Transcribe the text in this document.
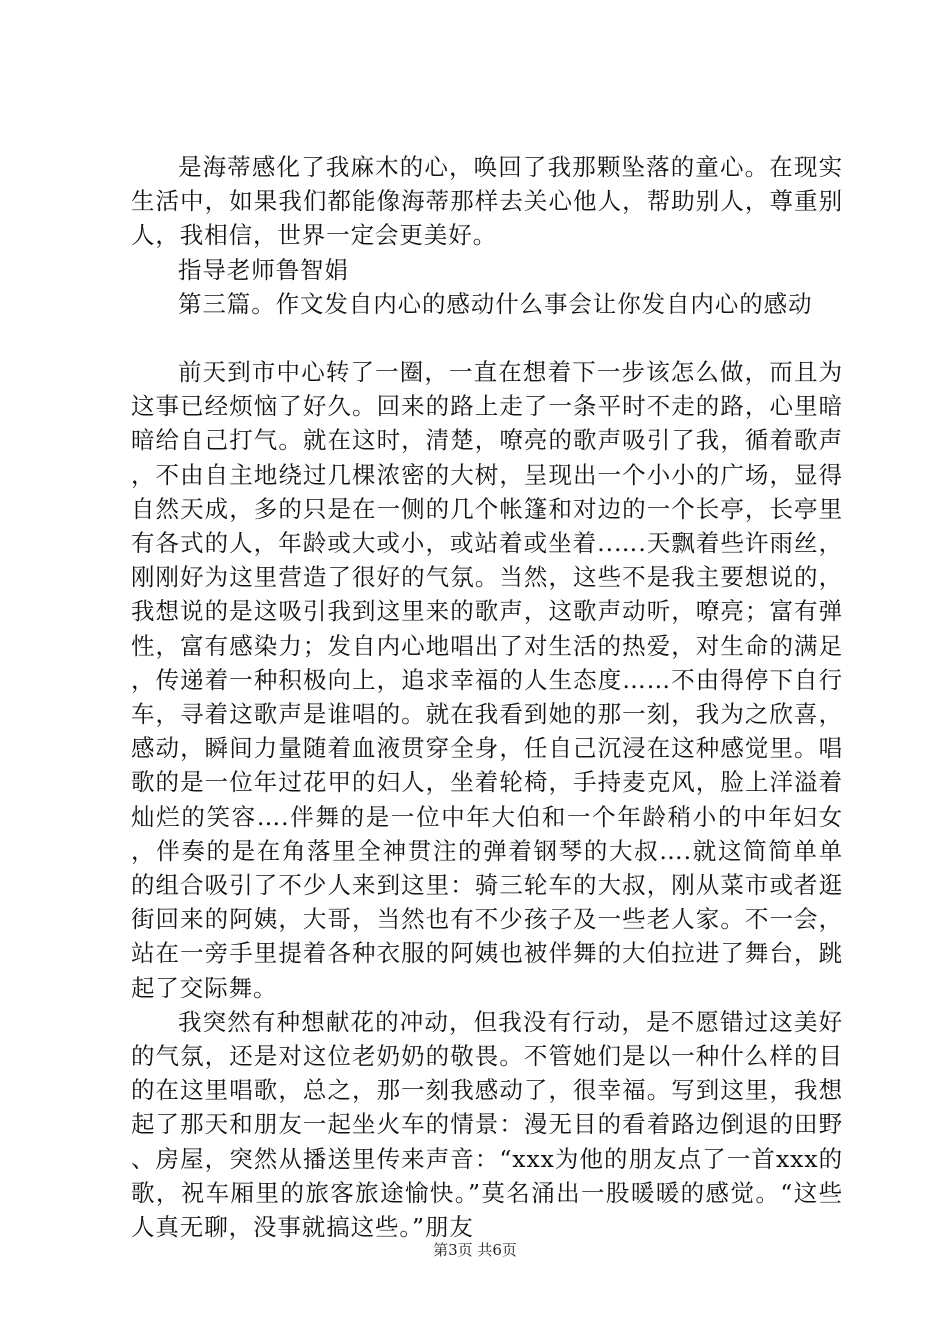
是海蒂感化了我麻木的心，唤回了我那颗坠落的童心。在现实生活中，如果我们都能像海蒂那样去关心他人，帮助别人，尊重别人，我相信，世界一定会更美好。

指导老师鲁智娟

第三篇。作文发自内心的感动什么事会让你发自内心的感动

前天到市中心转了一圈，一直在想着下一步该怎么做，而且为这事已经烦恼了好久。回来的路上走了一条平时不走的路，心里暗暗给自己打气。就在这时，清楚，嘹亮的歌声吸引了我，循着歌声，不由自主地绕过几棵浓密的大树，呈现出一个小小的广场，显得自然天成，多的只是在一侧的几个帐篷和对边的一个长亭，长亭里有各式的人，年龄或大或小，或站着或坐着..….天飘着些许雨丝，刚刚好为这里营造了很好的气氛。当然，这些不是我主要想说的，我想说的是这吸引我到这里来的歌声，这歌声动听，嘹亮；富有弹性，富有感染力；发自内心地唱出了对生活的热爱，对生命的满足，传递着一种积极向上，追求幸福的人生态度……不由得停下自行车，寻着这歌声是谁唱的。就在我看到她的那一刻，我为之欣喜，感动，瞬间力量随着血液贯穿全身，任自己沉浸在这种感觉里。唱歌的是一位年过花甲的妇人，坐着轮椅，手持麦克风，脸上洋溢着灿烂的笑容….伴舞的是一位中年大伯和一个年龄稍小的中年妇女，伴奏的是在角落里全神贯注的弹着钢琴的大叔….就这简简单单的组合吸引了不少人来到这里：骑三轮车的大叔，刚从菜市或者逛街回来的阿姨，大哥，当然也有不少孩子及一些老人家。不一会，站在一旁手里提着各种衣服的阿姨也被伴舞的大伯拉进了舞台，跳起了交际舞。

我突然有种想献花的冲动，但我没有行动，是不愿错过这美好的气氛，还是对这位老奶奶的敬畏。不管她们是以一种什么样的目的在这里唱歌，总之，那一刻我感动了，很幸福。写到这里，我想起了那天和朋友一起坐火车的情景：漫无目的看着路边倒退的田野、房屋，突然从播送里传来声音：“xxx为他的朋友点了一首xxx的歌，祝车厢里的旅客旅途愉快。”莫名涌出一股暖暖的感觉。“这些人真无聊，没事就搞这些。”朋友

第3页 共6页
